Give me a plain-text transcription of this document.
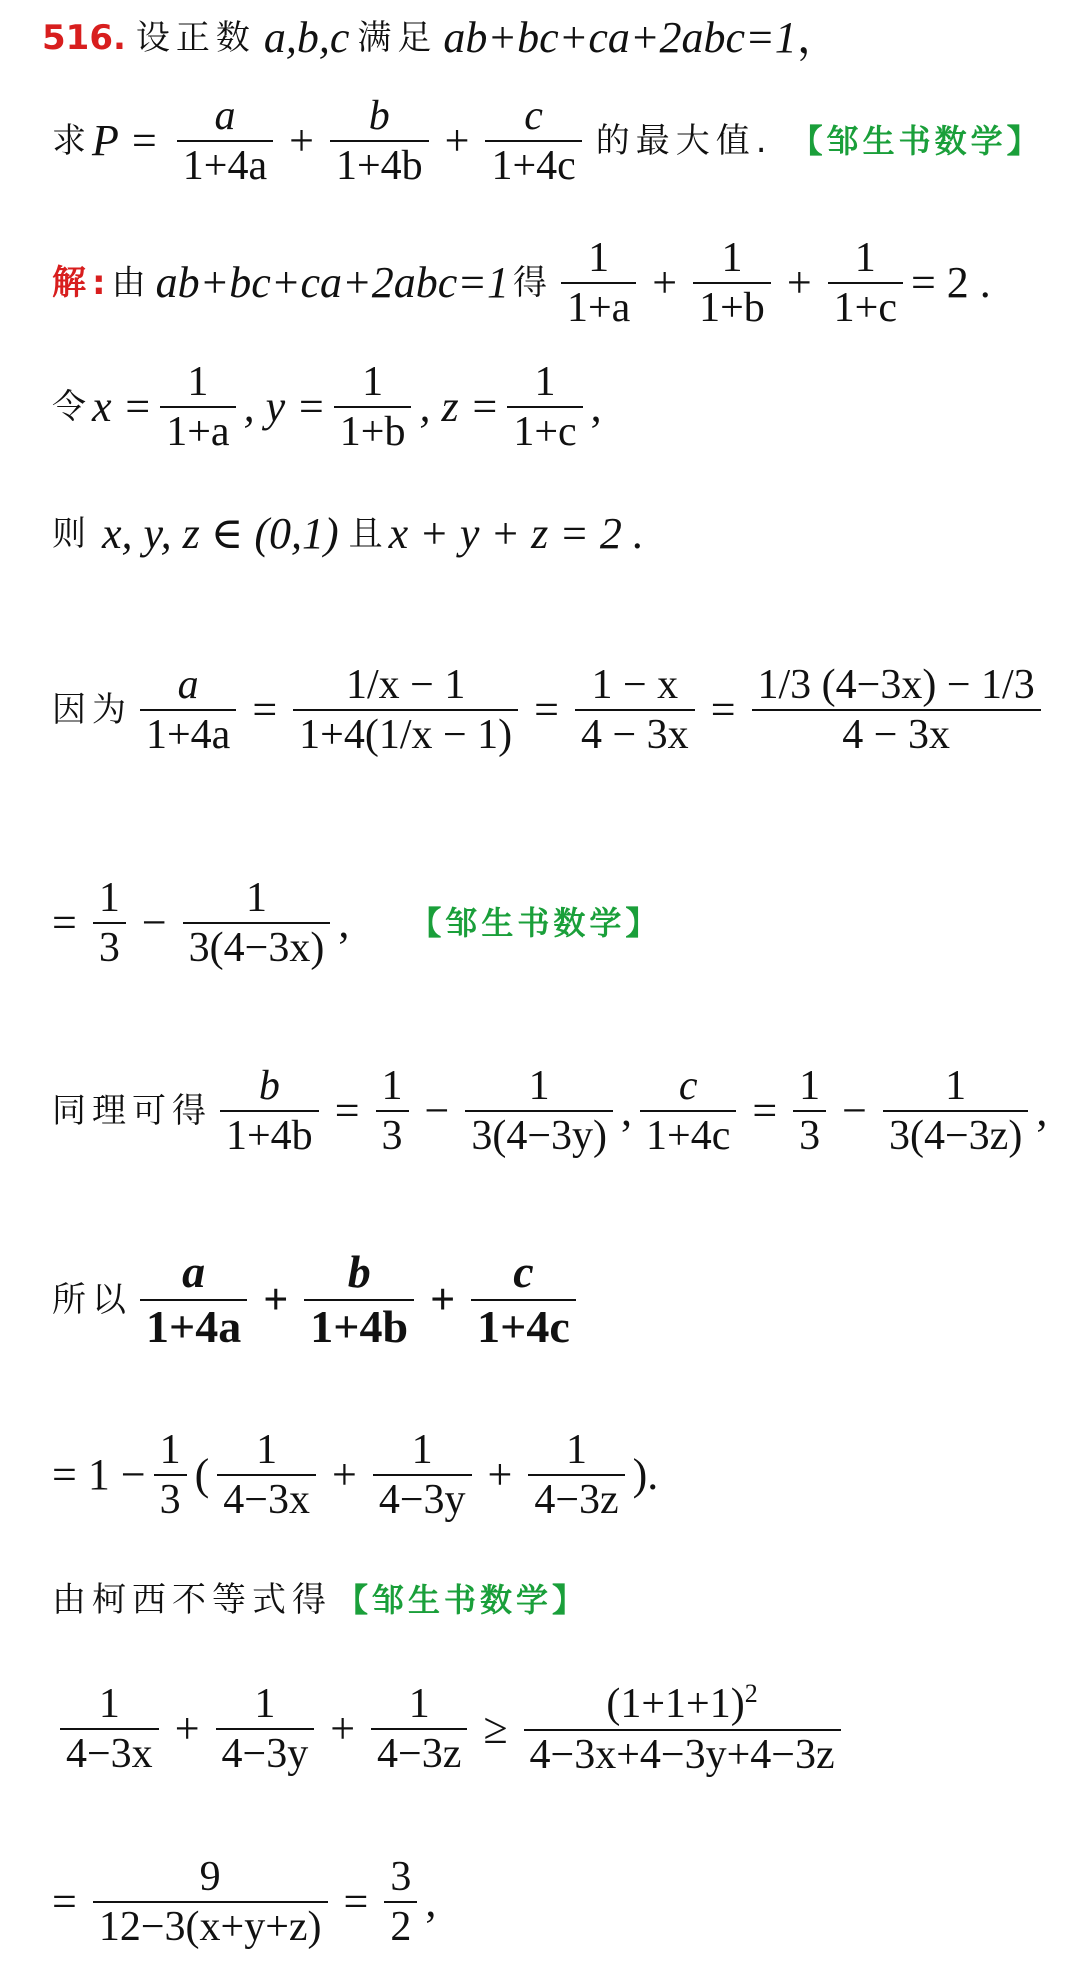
516. 设正数 a,b,c 满足 ab+bc+ca+2abc=1 ，
求 $P = \frac{a}{1+4a} + \frac{b}{1+4b} + \frac{c}{1+4c}$ 的最大值. 【邹生书数学】
解: 由 ab+bc+ca+2abc=1 得 $\frac{1}{1+a} + \frac{1}{1+b} + \frac{1}{1+c} = 2$ .
令 $x = \frac{1}{1+a}$ , $y = \frac{1}{1+b}$ , $z = \frac{1}{1+c}$ ,
则 x, y, z ∈ (0,1) 且 x + y + z = 2 .
因为 $\frac{a}{1+4a} = \frac{1/x - 1}{1+4(1/x - 1)} = \frac{1 - x}{4 - 3x} = \frac{1/3 (4-3x) - 1/3}{4 - 3x}$
= $\frac{1}{3} - \frac{1}{3(4-3x)}$ , 【邹生书数学】
同理可得 $\frac{b}{1+4b} = \frac{1}{3} - \frac{1}{3(4-3y)}$ , $\frac{c}{1+4c} = \frac{1}{3} - \frac{1}{3(4-3z)}$ ,
所以 $\frac{a}{1+4a} + \frac{b}{1+4b} + \frac{c}{1+4c}$
= $1 - \frac{1}{3}$ ( $\frac{1}{4-3x} + \frac{1}{4-3y} + \frac{1}{4-3z}$ ).
由柯西不等式得 【邹生书数学】
$\frac{1}{4-3x} + \frac{1}{4-3y} + \frac{1}{4-3z} \ge \frac{(1+1+1)^2}{4-3x+4-3y+4-3z}$
= $\frac{9}{12-3(x+y+z)} = \frac{3}{2}$ ,
